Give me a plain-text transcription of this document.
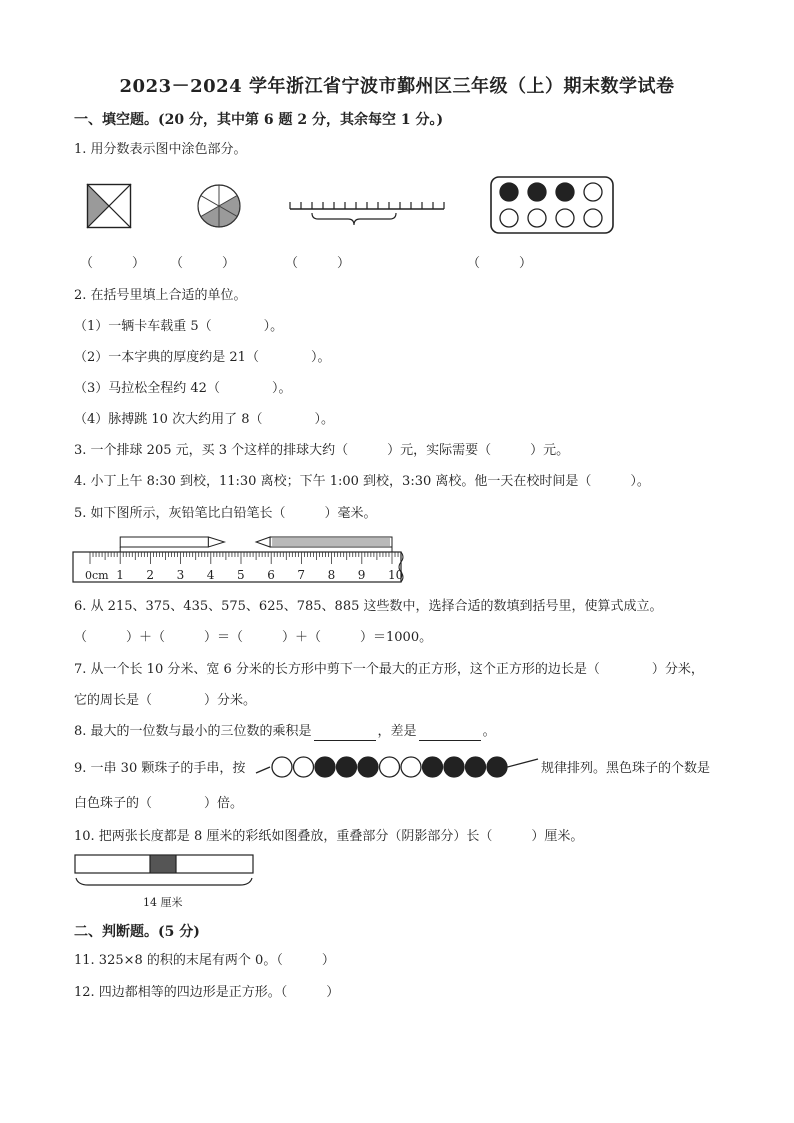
2023－2024 学年浙江省宁波市鄞州区三年级（上）期末数学试卷
一、填空题。(20 分，其中第 6 题 2 分，其余每空 1 分。)
1. 用分数表示图中涂色部分。
（　　　） （　　　）	（　　　）	（　　　）
2. 在括号里填上合适的单位。
（1）一辆卡车载重 5（　　　　）。
（2）一本字典的厚度约是 21（　　　　）。
（3）马拉松全程约 42（　　　　）。
（4）脉搏跳 10 次大约用了 8（　　　　）。
3. 一个排球 205 元，买 3 个这样的排球大约（　　　）元，实际需要（　　　）元。
4. 小丁上午 8:30 到校，11:30 离校；下午 1:00 到校，3:30 离校。他一天在校时间是（　　　）。
5. 如下图所示，灰铅笔比白铅笔长（　　　）毫米。
0cm 1 2 3 4 5 6 7 8 9 10
6. 从 215、375、435、575、625、785、885 这些数中，选择合适的数填到括号里，使算式成立。
（　　　）＋（　　　）＝（　　　）＋（　　　）＝1000。
7. 从一个长 10 分米、宽 6 分米的长方形中剪下一个最大的正方形，这个正方形的边长是（　　　　）分米，
它的周长是（　　　　）分米。
8. 最大的一位数与最小的三位数的乘积是	，差是	。
9. 一串 30 颗珠子的手串，按	规律排列。黑色珠子的个数是
白色珠子的（　　　　）倍。
10. 把两张长度都是 8 厘米的彩纸如图叠放，重叠部分（阴影部分）长（　　　）厘米。
14 厘米
二、判断题。(5 分)
11. 325×8 的积的末尾有两个 0。（　　　）
12. 四边都相等的四边形是正方形。（　　　）
